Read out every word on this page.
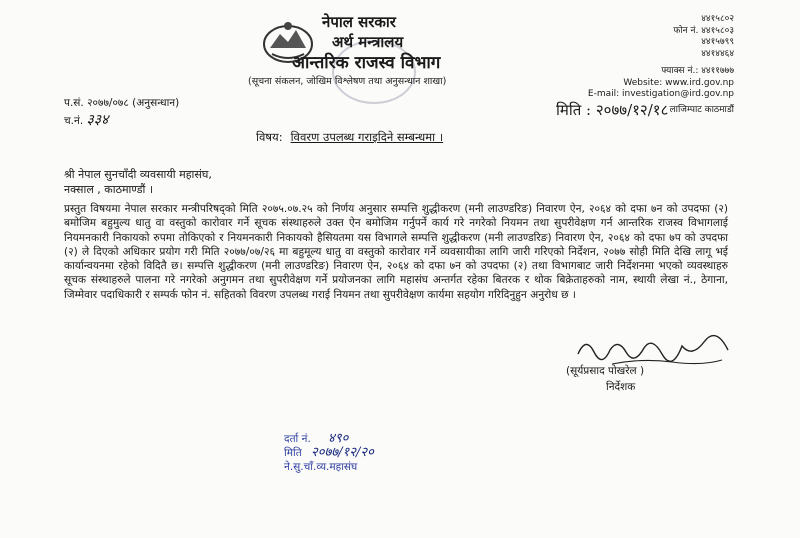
नेपाल सरकार
अर्थ मन्त्रालय
आन्तरिक राजस्व विभाग
(सूचना संकलन, जोखिम विश्लेषण तथा अनुसन्धान शाखा)
४४१५८०२
फोन नं. ४४१५८०३
४४१५७९९
४४१४४६४
फ्याक्स नं.: ४४११७७७
Website: www.ird.gov.np
E-mail: investigation@ird.gov.np
लाजिम्पाट काठमाडौं
प.सं. २०७७/०७८ (अनुसन्धान)
च.नं. ३३४
मिति : २०७७/१२/१८
विषय: विवरण उपलब्ध गराइदिने सम्बन्धमा ।
श्री नेपाल सुनचाँदी व्यवसायी महासंघ,
नक्साल , काठमाण्डौं ।
प्रस्तुत विषयमा नेपाल सरकार मन्त्रीपरिषद्को मिति २०७५.०७.२५ को निर्णय अनुसार सम्पत्ति शुद्धीकरण (मनी लाउण्डरिङ) निवारण ऐन, २०६४ को दफा ७न को उपदफा (२) बमोजिम बहुमुल्य धातु वा वस्तुको कारोवार गर्ने सूचक संस्थाहरुले उक्त ऐन बमोजिम गर्नुपर्ने कार्य गरे नगरेको नियमन तथा सुपरीवेक्षण गर्न आन्तरिक राजस्व विभागलाई नियमनकारी निकायको रुपमा तोकिएको र नियमनकारी निकायको हैसियतमा यस विभागले सम्पत्ति शुद्धीकरण (मनी लाउण्डरिङ) निवारण ऐन, २०६४ को दफा ७प को उपदफा (२) ले दिएको अधिकार प्रयोग गरी मिति २०७७/०७/२६ मा बहुमूल्य धातु वा वस्तुको कारोवार गर्ने व्यवसायीका लागि जारी गरिएको निर्देशन, २०७७ सोही मिति देखि लागू भई कार्यान्वयनमा रहेको विदितै छ। सम्पत्ति शुद्धीकरण (मनी लाउण्डरिङ) निवारण ऐन, २०६४ को दफा ७न को उपदफा (२) तथा विभागबाट जारी निर्देशनमा भएको व्यवस्थाहरु सूचक संस्थाहरुले पालना गरे नगरेको अनुगमन तथा सुपरीवेक्षण गर्ने प्रयोजनका लागि महासंघ अन्तर्गत रहेका बितरक र थोक बिक्रेताहरुको नाम, स्थायी लेखा नं., ठेगाना, जिम्मेवार पदाधिकारी र सम्पर्क फोन नं. सहितको विवरण उपलब्ध गराई नियमन तथा सुपरीवेक्षण कार्यमा सहयोग गरिदिनुहुन अनुरोध छ ।
(सूर्यप्रसाद पोखरेल )
निर्देशक
दर्ता नं. ४९०
मिति २०७७/१२/२०
ने.सु.चाँ.व्य.महासंघ
